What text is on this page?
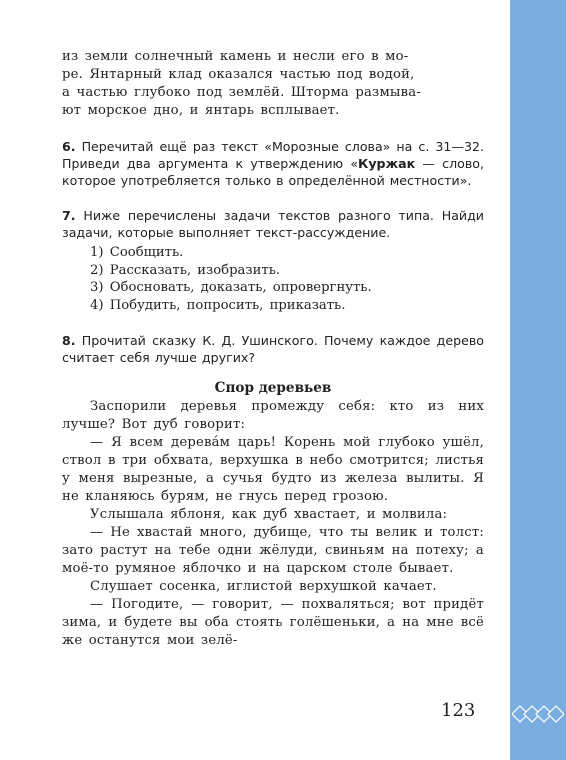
из земли солнечный камень и несли его в мо-
ре. Янтарный клад оказался частью под водой,
а частью глубоко под землёй. Шторма размыва-
ют морское дно, и янтарь всплывает.

6. Перечитай ещё раз текст «Морозные слова» на с. 31—32. Приведи два аргумента к утверждению «Куржак — слово, которое употребляется только в определённой местности».

7. Ниже перечислены задачи текстов разного типа. Найди задачи, которые выполняет текст-рассуждение.

1) Сообщить.
2) Рассказать, изобразить.
3) Обосновать, доказать, опровергнуть.
4) Побудить, попросить, приказать.

8. Прочитай сказку К. Д. Ушинского. Почему каждое дерево считает себя лучше других?

Спор деревьев

Заспорили деревья промежду себя: кто из них лучше? Вот дуб говорит:

— Я всем деревáм царь! Корень мой глубоко ушёл, ствол в три обхвата, верхушка в небо смотрится; листья у меня вырезные, а сучья будто из железа вылиты. Я не кланяюсь бурям, не гнусь перед грозою.

Услышала яблоня, как дуб хвастает, и молвила:

— Не хвастай много, дубище, что ты велик и толст: зато растут на тебе одни жёлуди, свиньям на потеху; а моё-то румяное яблочко и на царском столе бывает.

Слушает сосенка, иглистой верхушкой качает.

— Погодите, — говорит, — похваляться; вот придёт зима, и будете вы оба стоять голёшеньки, а на мне всё же останутся мои зелё-

123
